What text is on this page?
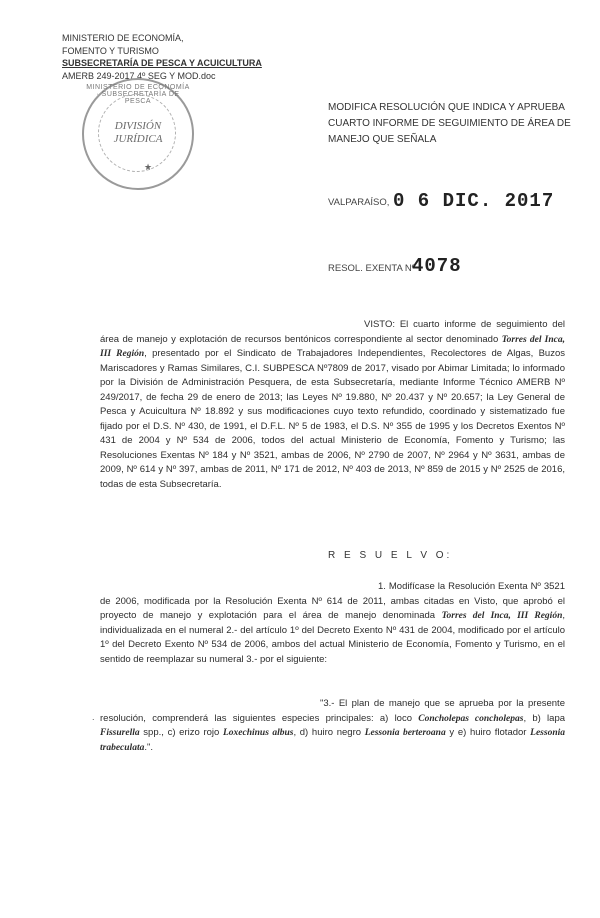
MINISTERIO DE ECONOMÍA,
FOMENTO Y TURISMO
SUBSECRETARÍA DE PESCA Y ACUICULTURA
AMERB 249-2017 4º SEG Y MOD.doc
MINISTERIO DE ECONOMÍA · SUBSECRETARÍA DE PESCA
DIVISIÓN
JURÍDICA
★
MODIFICA RESOLUCIÓN QUE INDICA Y APRUEBA CUARTO INFORME DE SEGUIMIENTO DE ÁREA DE MANEJO QUE SEÑALA
VALPARAÍSO, 0 6 DIC. 2017
RESOL. EXENTA Nº
4078
VISTO: El cuarto informe de seguimiento del área de manejo y explotación de recursos bentónicos correspondiente al sector denominado Torres del Inca, III Región, presentado por el Sindicato de Trabajadores Independientes, Recolectores de Algas, Buzos Mariscadores y Ramas Similares, C.I. SUBPESCA Nº7809 de 2017, visado por Abimar Limitada; lo informado por la División de Administración Pesquera, de esta Subsecretaría, mediante Informe Técnico AMERB Nº 249/2017, de fecha 29 de enero de 2013; las Leyes Nº 19.880, Nº 20.437 y Nº 20.657; la Ley General de Pesca y Acuicultura Nº 18.892 y sus modificaciones cuyo texto refundido, coordinado y sistematizado fue fijado por el D.S. Nº 430, de 1991, el D.F.L. Nº 5 de 1983, el D.S. Nº 355 de 1995 y los Decretos Exentos Nº 431 de 2004 y Nº 534 de 2006, todos del actual Ministerio de Economía, Fomento y Turismo; las Resoluciones Exentas Nº 184 y Nº 3521, ambas de 2006, Nº 2790 de 2007, Nº 2964 y Nº 3631, ambas de 2009, Nº 614 y Nº 397, ambas de 2011, Nº 171 de 2012, Nº 403 de 2013, Nº 859 de 2015 y Nº 2525 de 2016, todas de esta Subsecretaría.
R E S U E L V O:
1. Modifícase la Resolución Exenta Nº 3521 de 2006, modificada por la Resolución Exenta Nº 614 de 2011, ambas citadas en Visto, que aprobó el proyecto de manejo y explotación para el área de manejo denominada Torres del Inca, III Región, individualizada en el numeral 2.- del artículo 1º del Decreto Exento Nº 431 de 2004, modificado por el artículo 1º del Decreto Exento Nº 534 de 2006, ambos del actual Ministerio de Economía, Fomento y Turismo, en el sentido de reemplazar su numeral 3.- por el siguiente:
.
"3.- El plan de manejo que se aprueba por la presente resolución, comprenderá las siguientes especies principales: a) loco Concholepas concholepas, b) lapa Fissurella spp., c) erizo rojo Loxechinus albus, d) huiro negro Lessonia berteroana y e) huiro flotador Lessonia trabeculata.".
